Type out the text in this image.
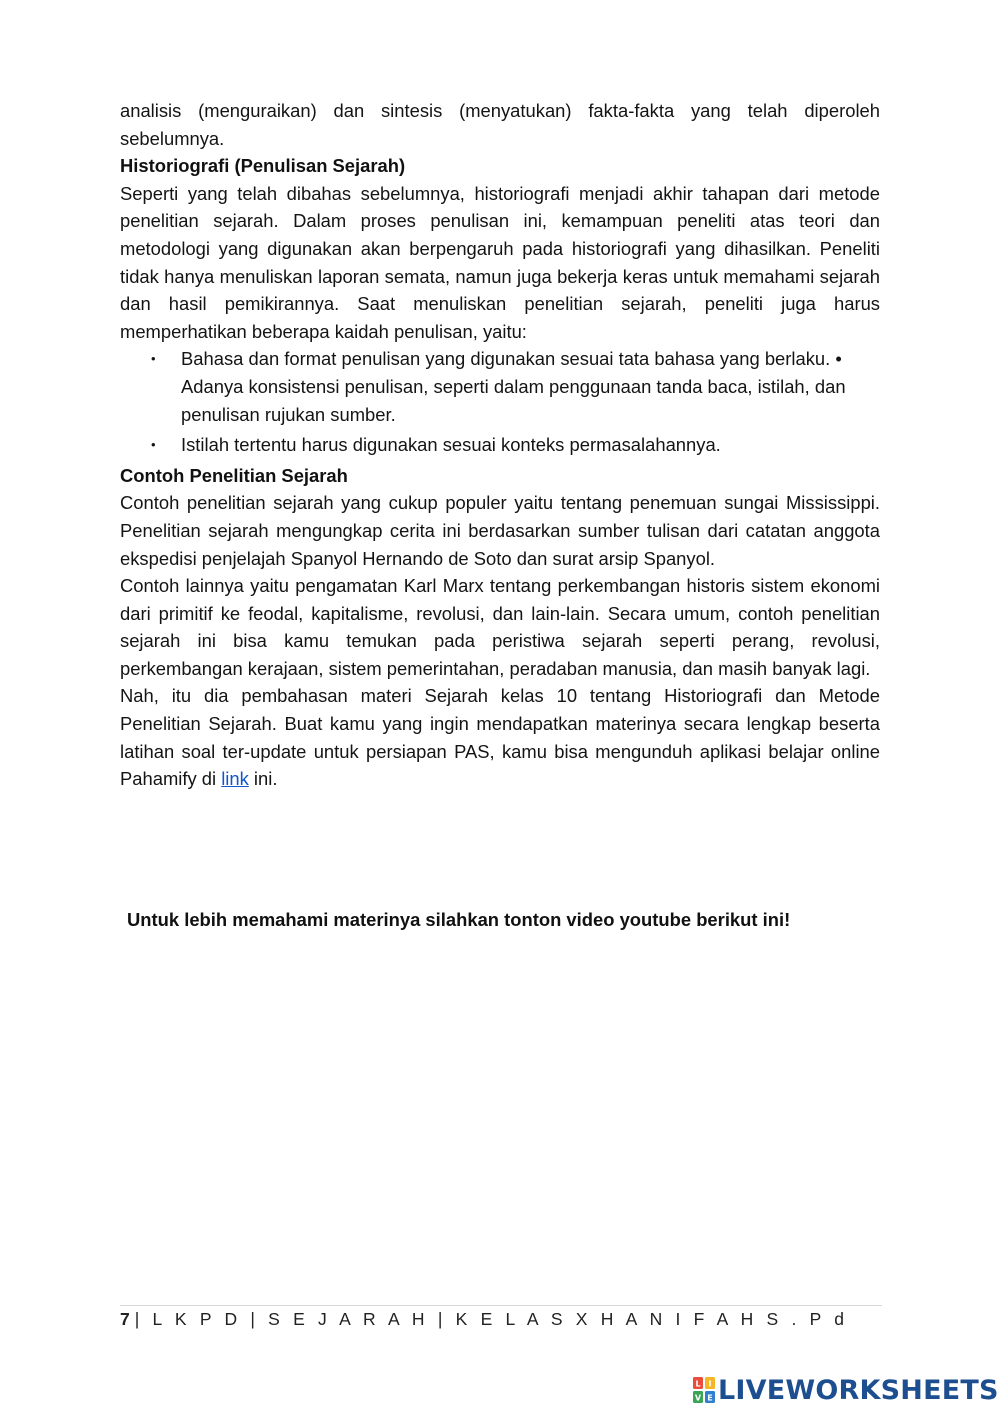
analisis (menguraikan) dan sintesis (menyatukan) fakta-fakta yang telah diperoleh sebelumnya.

Historiografi (Penulisan Sejarah)

Seperti yang telah dibahas sebelumnya, historiografi menjadi akhir tahapan dari metode penelitian sejarah. Dalam proses penulisan ini, kemampuan peneliti atas teori dan metodologi yang digunakan akan berpengaruh pada historiografi yang dihasilkan. Peneliti tidak hanya menuliskan laporan semata, namun juga bekerja keras untuk memahami sejarah dan hasil pemikirannya. Saat menuliskan penelitian sejarah, peneliti juga harus memperhatikan beberapa kaidah penulisan, yaitu:

• Bahasa dan format penulisan yang digunakan sesuai tata bahasa yang berlaku. • Adanya konsistensi penulisan, seperti dalam penggunaan tanda baca, istilah, dan penulisan rujukan sumber.
• Istilah tertentu harus digunakan sesuai konteks permasalahannya.

Contoh Penelitian Sejarah

Contoh penelitian sejarah yang cukup populer yaitu tentang penemuan sungai Mississippi. Penelitian sejarah mengungkap cerita ini berdasarkan sumber tulisan dari catatan anggota ekspedisi penjelajah Spanyol Hernando de Soto dan surat arsip Spanyol.

Contoh lainnya yaitu pengamatan Karl Marx tentang perkembangan historis sistem ekonomi dari primitif ke feodal, kapitalisme, revolusi, dan lain-lain. Secara umum, contoh penelitian sejarah ini bisa kamu temukan pada peristiwa sejarah seperti perang, revolusi, perkembangan kerajaan, sistem pemerintahan, peradaban manusia, dan masih banyak lagi.

Nah, itu dia pembahasan materi Sejarah kelas 10 tentang Historiografi dan Metode Penelitian Sejarah. Buat kamu yang ingin mendapatkan materinya secara lengkap beserta latihan soal ter-update untuk persiapan PAS, kamu bisa mengunduh aplikasi belajar online Pahamify di link ini.

Untuk lebih memahami materinya silahkan tonton video youtube berikut ini!
7 | L K P D | S E J A R A H | K E L A S X H A N I F A H S . P d
L I
V E LIVEWORKSHEETS
